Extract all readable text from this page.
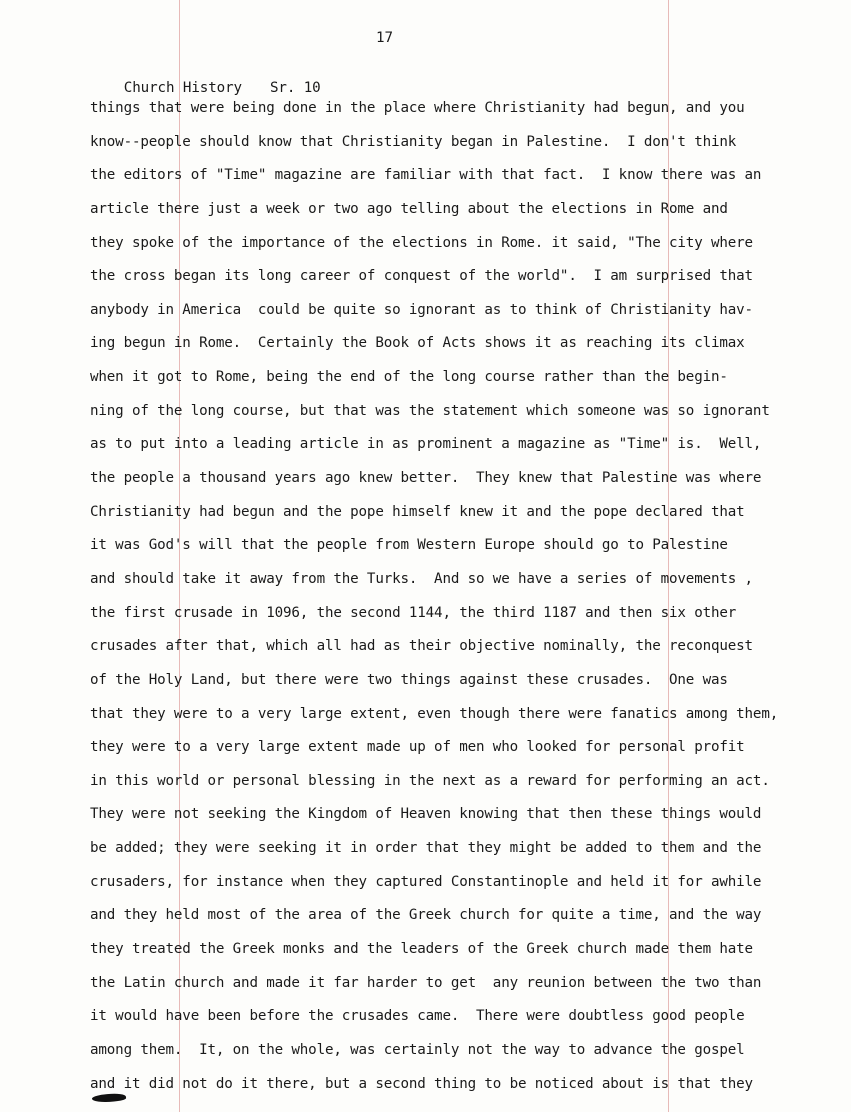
17

Church History Sr. 10

things that were being done in the place where Christianity had begun, and you
know--people should know that Christianity began in Palestine.  I don't think
the editors of "Time" magazine are familiar with that fact.  I know there was an
article there just a week or two ago telling about the elections in Rome and
they spoke of the importance of the elections in Rome. it said, "The city where
the cross began its long career of conquest of the world".  I am surprised that
anybody in America  could be quite so ignorant as to think of Christianity hav-
ing begun in Rome.  Certainly the Book of Acts shows it as reaching its climax
when it got to Rome, being the end of the long course rather than the begin-
ning of the long course, but that was the statement which someone was so ignorant
as to put into a leading article in as prominent a magazine as "Time" is.  Well,
the people a thousand years ago knew better.  They knew that Palestine was where
Christianity had begun and the pope himself knew it and the pope declared that
it was God's will that the people from Western Europe should go to Palestine
and should take it away from the Turks.  And so we have a series of movements ,
the first crusade in 1096, the second 1144, the third 1187 and then six other
crusades after that, which all had as their objective nominally, the reconquest
of the Holy Land, but there were two things against these crusades.  One was
that they were to a very large extent, even though there were fanatics among them,
they were to a very large extent made up of men who looked for personal profit
in this world or personal blessing in the next as a reward for performing an act.
They were not seeking the Kingdom of Heaven knowing that then these things would
be added; they were seeking it in order that they might be added to them and the
crusaders, for instance when they captured Constantinople and held it for awhile
and they held most of the area of the Greek church for quite a time, and the way
they treated the Greek monks and the leaders of the Greek church made them hate
the Latin church and made it far harder to get  any reunion between the two than
it would have been before the crusades came.  There were doubtless good people
among them.  It, on the whole, was certainly not the way to advance the gospel
and it did not do it there, but a second thing to be noticed about is that they
